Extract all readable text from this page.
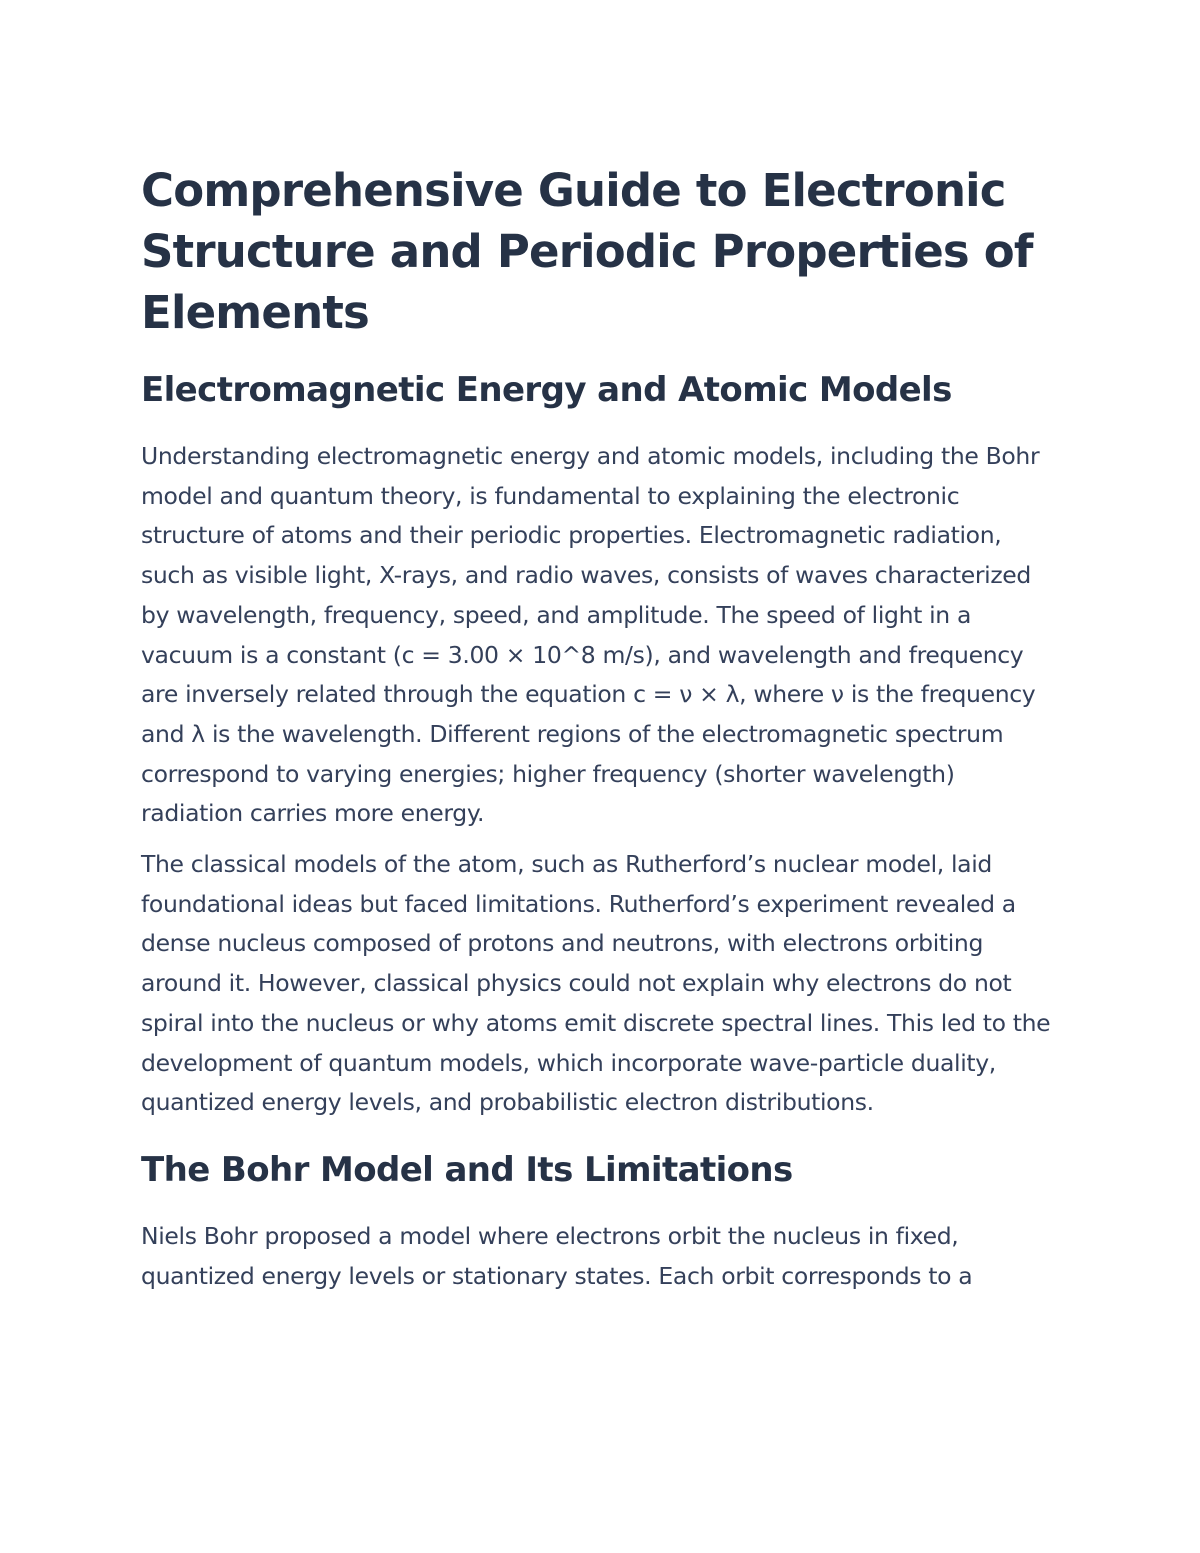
Comprehensive Guide to Electronic Structure and Periodic Properties of Elements
Electromagnetic Energy and Atomic Models

Understanding electromagnetic energy and atomic models, including the Bohr model and quantum theory, is fundamental to explaining the electronic structure of atoms and their periodic properties. Electromagnetic radiation, such as visible light, X-rays, and radio waves, consists of waves characterized by wavelength, frequency, speed, and amplitude. The speed of light in a vacuum is a constant (c = 3.00 × 10^8 m/s), and wavelength and frequency are inversely related through the equation c = ν × λ, where ν is the frequency and λ is the wavelength. Different regions of the electromagnetic spectrum correspond to varying energies; higher frequency (shorter wavelength) radiation carries more energy.

The classical models of the atom, such as Rutherford’s nuclear model, laid foundational ideas but faced limitations. Rutherford’s experiment revealed a dense nucleus composed of protons and neutrons, with electrons orbiting around it. However, classical physics could not explain why electrons do not spiral into the nucleus or why atoms emit discrete spectral lines. This led to the development of quantum models, which incorporate wave-particle duality, quantized energy levels, and probabilistic electron distributions.

The Bohr Model and Its Limitations

Niels Bohr proposed a model where electrons orbit the nucleus in fixed, quantized energy levels or stationary states. Each orbit corresponds to a
